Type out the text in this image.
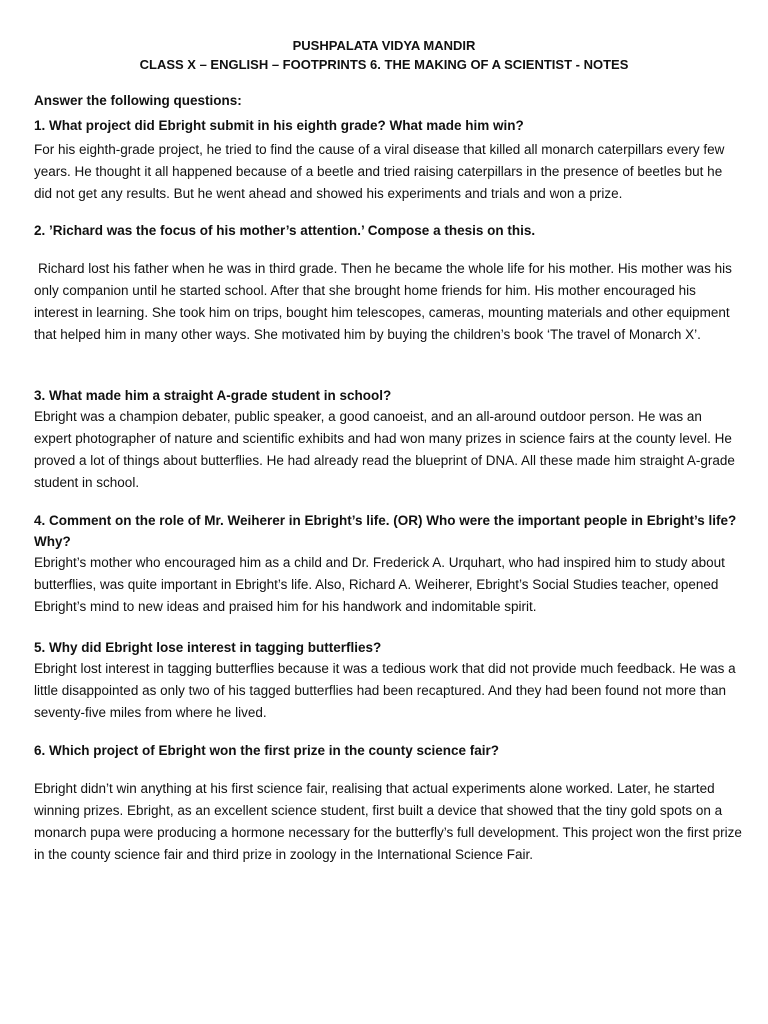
PUSHPALATA VIDYA MANDIR
CLASS X – ENGLISH – FOOTPRINTS 6. THE MAKING OF A SCIENTIST - NOTES
Answer the following questions:

1. What project did Ebright submit in his eighth grade? What made him win?

For his eighth-grade project, he tried to find the cause of a viral disease that killed all monarch caterpillars every few years. He thought it all happened because of a beetle and tried raising caterpillars in the presence of beetles but he did not get any results. But he went ahead and showed his experiments and trials and won a prize.

2. ’Richard was the focus of his mother’s attention.’ Compose a thesis on this.

Richard lost his father when he was in third grade. Then he became the whole life for his mother. His mother was his only companion until he started school. After that she brought home friends for him. His mother encouraged his interest in learning. She took him on trips, bought him telescopes, cameras, mounting materials and other equipment that helped him in many other ways. She motivated him by buying the children’s book ‘The travel of Monarch X’.

3. What made him a straight A-grade student in school?

Ebright was a champion debater, public speaker, a good canoeist, and an all-around outdoor person. He was an expert photographer of nature and scientific exhibits and had won many prizes in science fairs at the county level. He proved a lot of things about butterflies. He had already read the blueprint of DNA. All these made him straight A-grade student in school.

4. Comment on the role of Mr. Weiherer in Ebright’s life. (OR) Who were the important people in Ebright’s life? Why?

Ebright’s mother who encouraged him as a child and Dr. Frederick A. Urquhart, who had inspired him to study about butterflies, was quite important in Ebright’s life. Also, Richard A. Weiherer, Ebright’s Social Studies teacher, opened Ebright’s mind to new ideas and praised him for his handwork and indomitable spirit.

5. Why did Ebright lose interest in tagging butterflies?

Ebright lost interest in tagging butterflies because it was a tedious work that did not provide much feedback. He was a little disappointed as only two of his tagged butterflies had been recaptured. And they had been found not more than seventy-five miles from where he lived.

6. Which project of Ebright won the first prize in the county science fair?

Ebright didn’t win anything at his first science fair, realising that actual experiments alone worked. Later, he started winning prizes. Ebright, as an excellent science student, first built a device that showed that the tiny gold spots on a monarch pupa were producing a hormone necessary for the butterfly’s full development. This project won the first prize in the county science fair and third prize in zoology in the International Science Fair.
